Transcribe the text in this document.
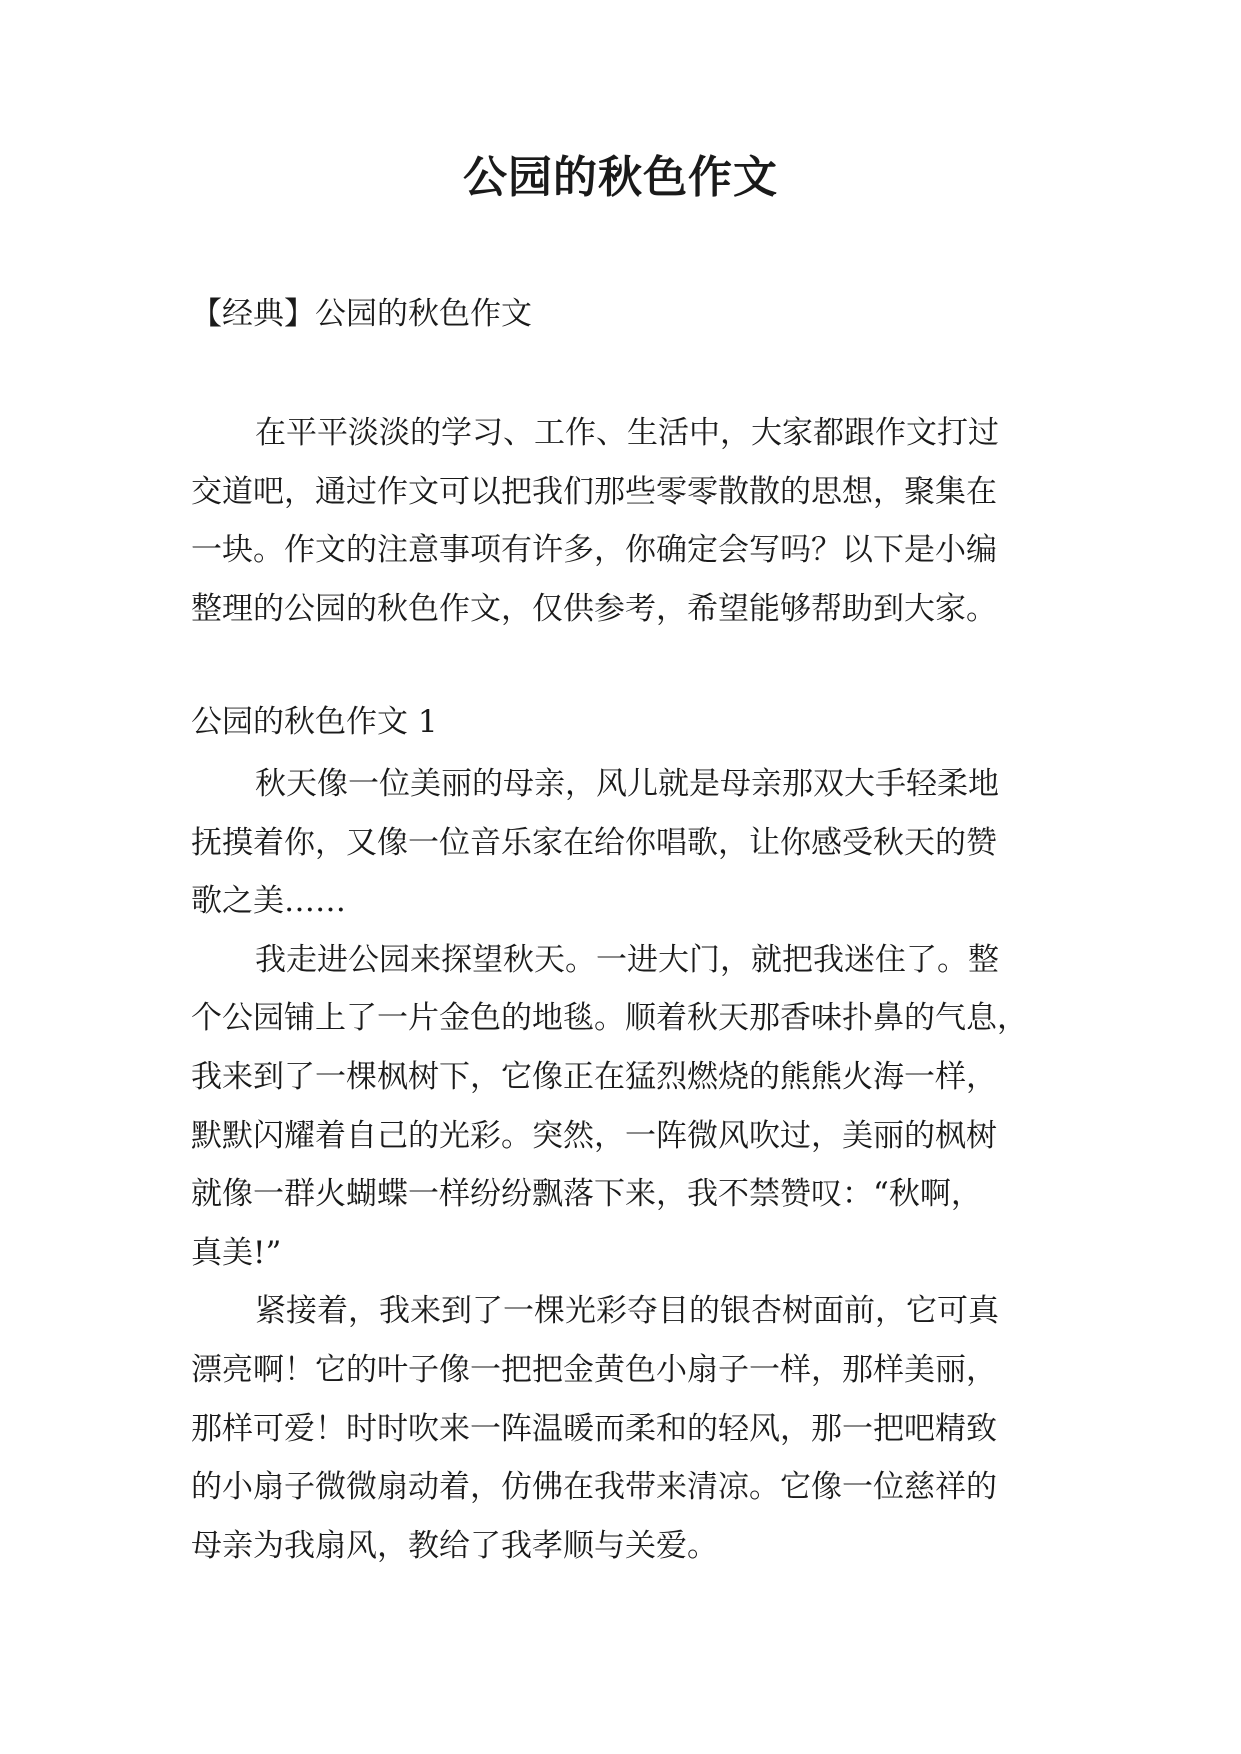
公园的秋色作文
【经典】公园的秋色作文
在平平淡淡的学习、工作、生活中，大家都跟作文打过
交道吧，通过作文可以把我们那些零零散散的思想，聚集在
一块。作文的注意事项有许多，你确定会写吗？以下是小编
整理的公园的秋色作文，仅供参考，希望能够帮助到大家。
公园的秋色作文 1
秋天像一位美丽的母亲，风儿就是母亲那双大手轻柔地
抚摸着你，又像一位音乐家在给你唱歌，让你感受秋天的赞
歌之美……
我走进公园来探望秋天。一进大门，就把我迷住了。整
个公园铺上了一片金色的地毯。顺着秋天那香味扑鼻的气息，
我来到了一棵枫树下，它像正在猛烈燃烧的熊熊火海一样，
默默闪耀着自己的光彩。突然，一阵微风吹过，美丽的枫树
就像一群火蝴蝶一样纷纷飘落下来，我不禁赞叹：“秋啊，
真美!”
紧接着，我来到了一棵光彩夺目的银杏树面前，它可真
漂亮啊！它的叶子像一把把金黄色小扇子一样，那样美丽，
那样可爱！时时吹来一阵温暖而柔和的轻风，那一把吧精致
的小扇子微微扇动着，仿佛在我带来清凉。它像一位慈祥的
母亲为我扇风，教给了我孝顺与关爱。
